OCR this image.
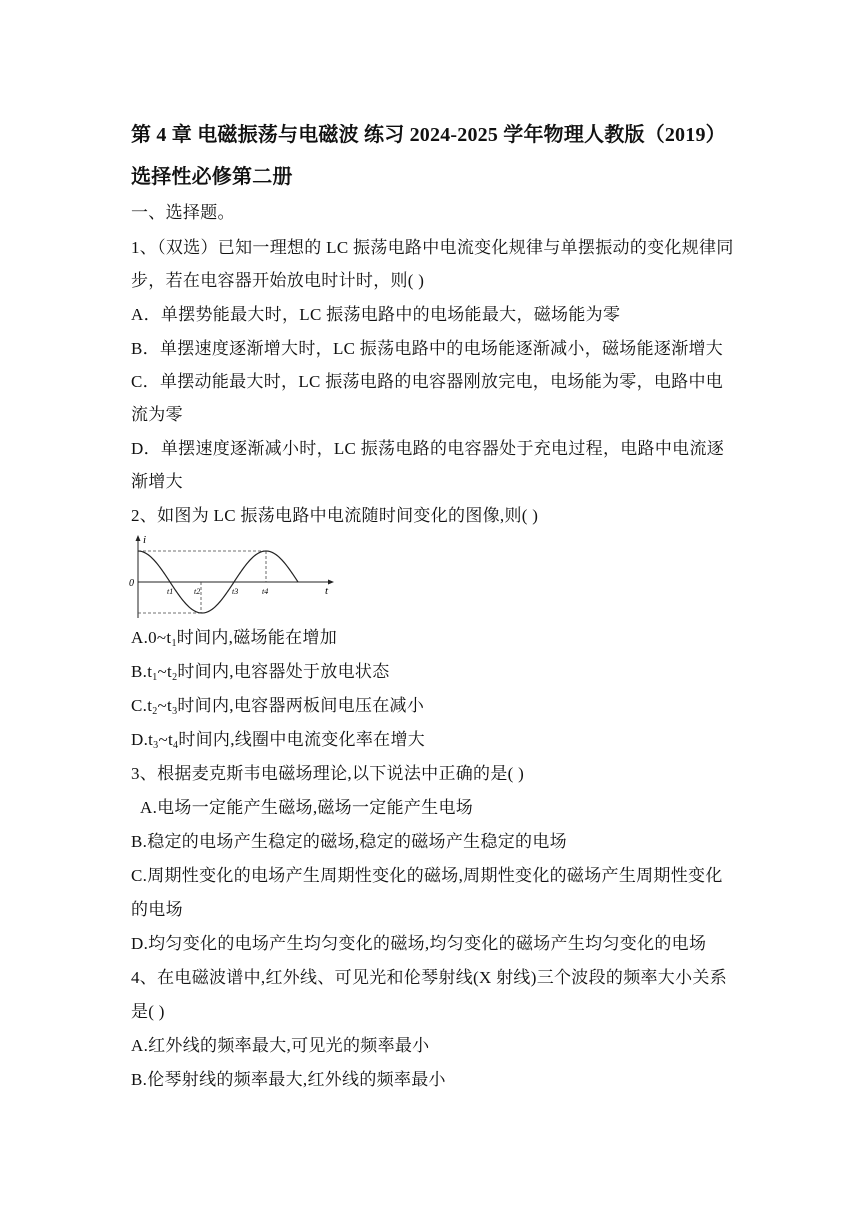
第 4 章 电磁振荡与电磁波 练习 2024-2025 学年物理人教版（2019）
选择性必修第二册
一、选择题。
1、（双选）已知一理想的 LC 振荡电路中电流变化规律与单摆振动的变化规律同
步，若在电容器开始放电时计时，则( )
A．单摆势能最大时，LC 振荡电路中的电场能最大，磁场能为零
B．单摆速度逐渐增大时，LC 振荡电路中的电场能逐渐减小，磁场能逐渐增大
C．单摆动能最大时，LC 振荡电路的电容器刚放完电，电场能为零，电路中电
流为零
D．单摆速度逐渐减小时，LC 振荡电路的电容器处于充电过程，电路中电流逐
渐增大
2、如图为 LC 振荡电路中电流随时间变化的图像,则( )
i
t
0
t1	t2	t3	t4
$A.0\sim t_1$时间内,磁场能在增加
$B.t_1\sim t_2$时间内,电容器处于放电状态
$C.t_2\sim t_3$时间内,电容器两板间电压在减小
$D.t_3\sim t_4$时间内,线圈中电流变化率在增大
3、根据麦克斯韦电磁场理论,以下说法中正确的是( )
A.电场一定能产生磁场,磁场一定能产生电场
B.稳定的电场产生稳定的磁场,稳定的磁场产生稳定的电场
C.周期性变化的电场产生周期性变化的磁场,周期性变化的磁场产生周期性变化
的电场
D.均匀变化的电场产生均匀变化的磁场,均匀变化的磁场产生均匀变化的电场
4、在电磁波谱中,红外线、可见光和伦琴射线(X 射线)三个波段的频率大小关系
是( )
A.红外线的频率最大,可见光的频率最小
B.伦琴射线的频率最大,红外线的频率最小
